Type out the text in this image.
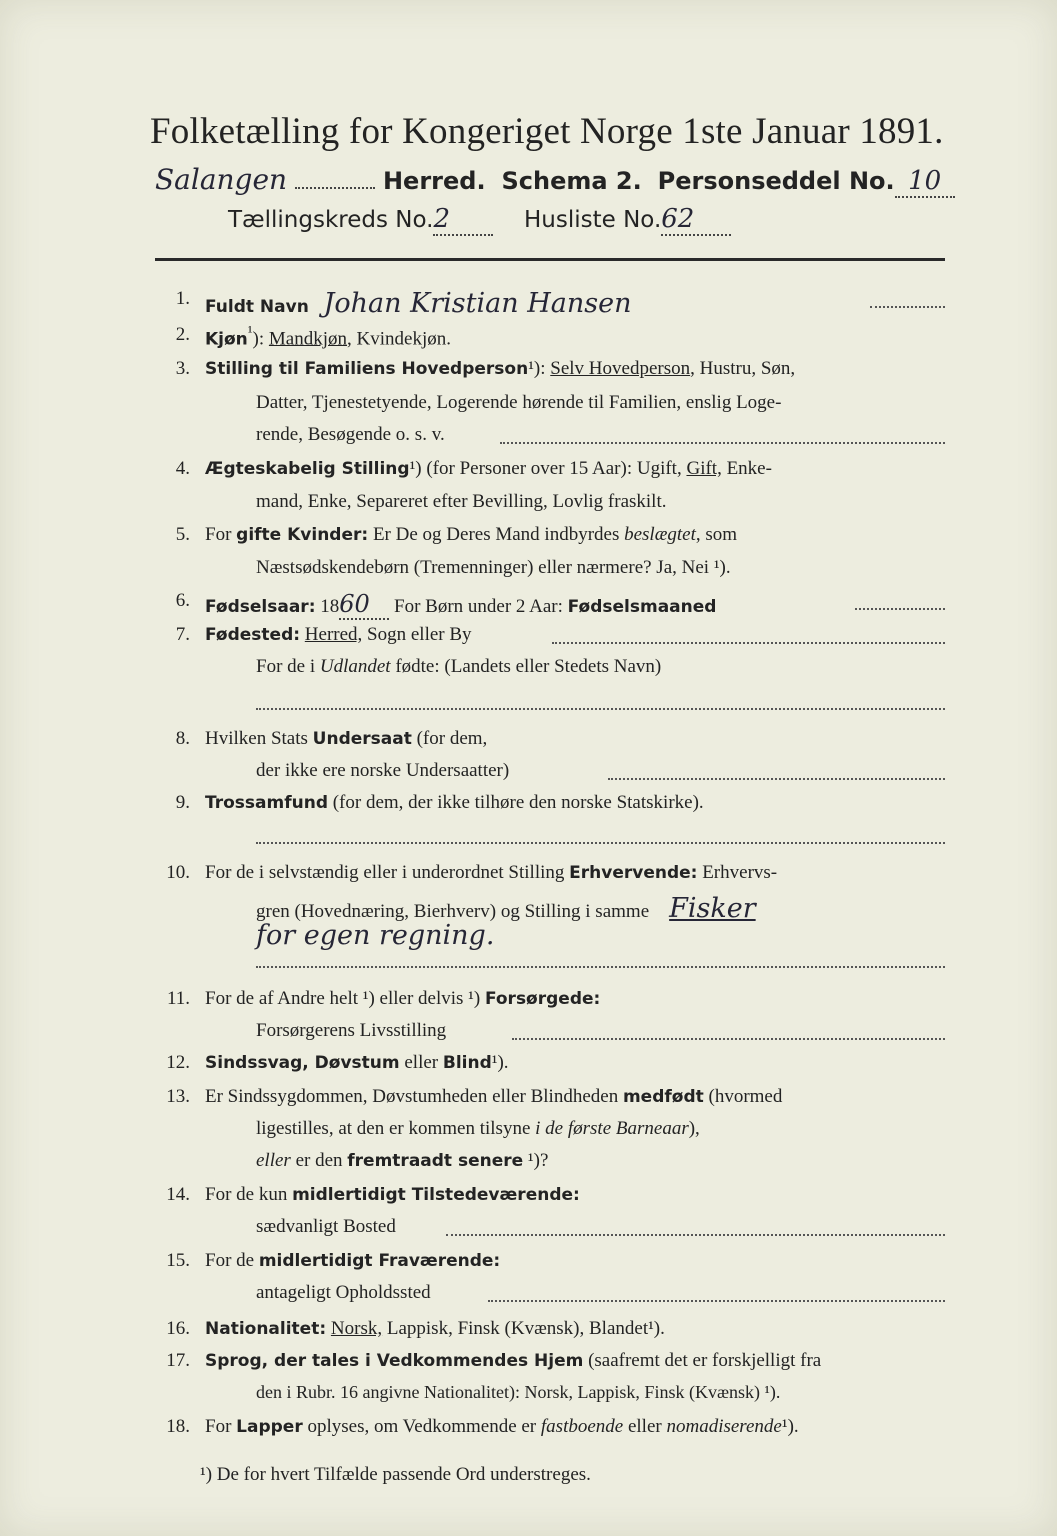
Folketælling for Kongeriget Norge 1ste Januar 1891.
Salangen	Herred. Schema 2. Personseddel No. 10
Tællingskreds No.2	Husliste No.62
1. Fuldt Navn Johan Kristian Hansen
2. Kjøn$^{^1}$): Mandkjøn, Kvindekjøn.
3. Stilling til Familiens Hovedperson¹): Selv Hovedperson, Hustru, Søn,
Datter, Tjenestetyende, Logerende hørende til Familien, enslig Loge-
rende, Besøgende o. s. v.
4. Ægteskabelig Stilling¹) (for Personer over 15 Aar): Ugift, Gift, Enke-
mand, Enke, Separeret efter Bevilling, Lovlig fraskilt.
5. For gifte Kvinder: Er De og Deres Mand indbyrdes beslægtet, som
Næstsødskendebørn (Tremenninger) eller nærmere? Ja, Nei ¹).
6. Fødselsaar: 1860 For Børn under 2 Aar: Fødselsmaaned
7. Fødested: Herred, Sogn eller By
For de i Udlandet fødte: (Landets eller Stedets Navn)
8. Hvilken Stats Undersaat (for dem,
der ikke ere norske Undersaatter)
9. Trossamfund (for dem, der ikke tilhøre den norske Statskirke).
10. For de i selvstændig eller i underordnet Stilling Erhvervende: Erhvervs-
gren (Hovednæring, Bierhverv) og Stilling i samme Fisker
for egen regning.
11. For de af Andre helt ¹) eller delvis ¹) Forsørgede:
Forsørgerens Livsstilling
12. Sindssvag, Døvstum eller Blind¹).
13. Er Sindssygdommen, Døvstumheden eller Blindheden medfødt (hvormed
ligestilles, at den er kommen tilsyne i de første Barneaar),
eller er den fremtraadt senere ¹)?
14. For de kun midlertidigt Tilstedeværende:
sædvanligt Bosted
15. For de midlertidigt Fraværende:
antageligt Opholdssted
16. Nationalitet: Norsk, Lappisk, Finsk (Kvænsk), Blandet¹).
17. Sprog, der tales i Vedkommendes Hjem (saafremt det er forskjelligt fra
den i Rubr. 16 angivne Nationalitet): Norsk, Lappisk, Finsk (Kvænsk) ¹).
18. For Lapper oplyses, om Vedkommende er fastboende eller nomadiserende¹).
¹) De for hvert Tilfælde passende Ord understreges.
